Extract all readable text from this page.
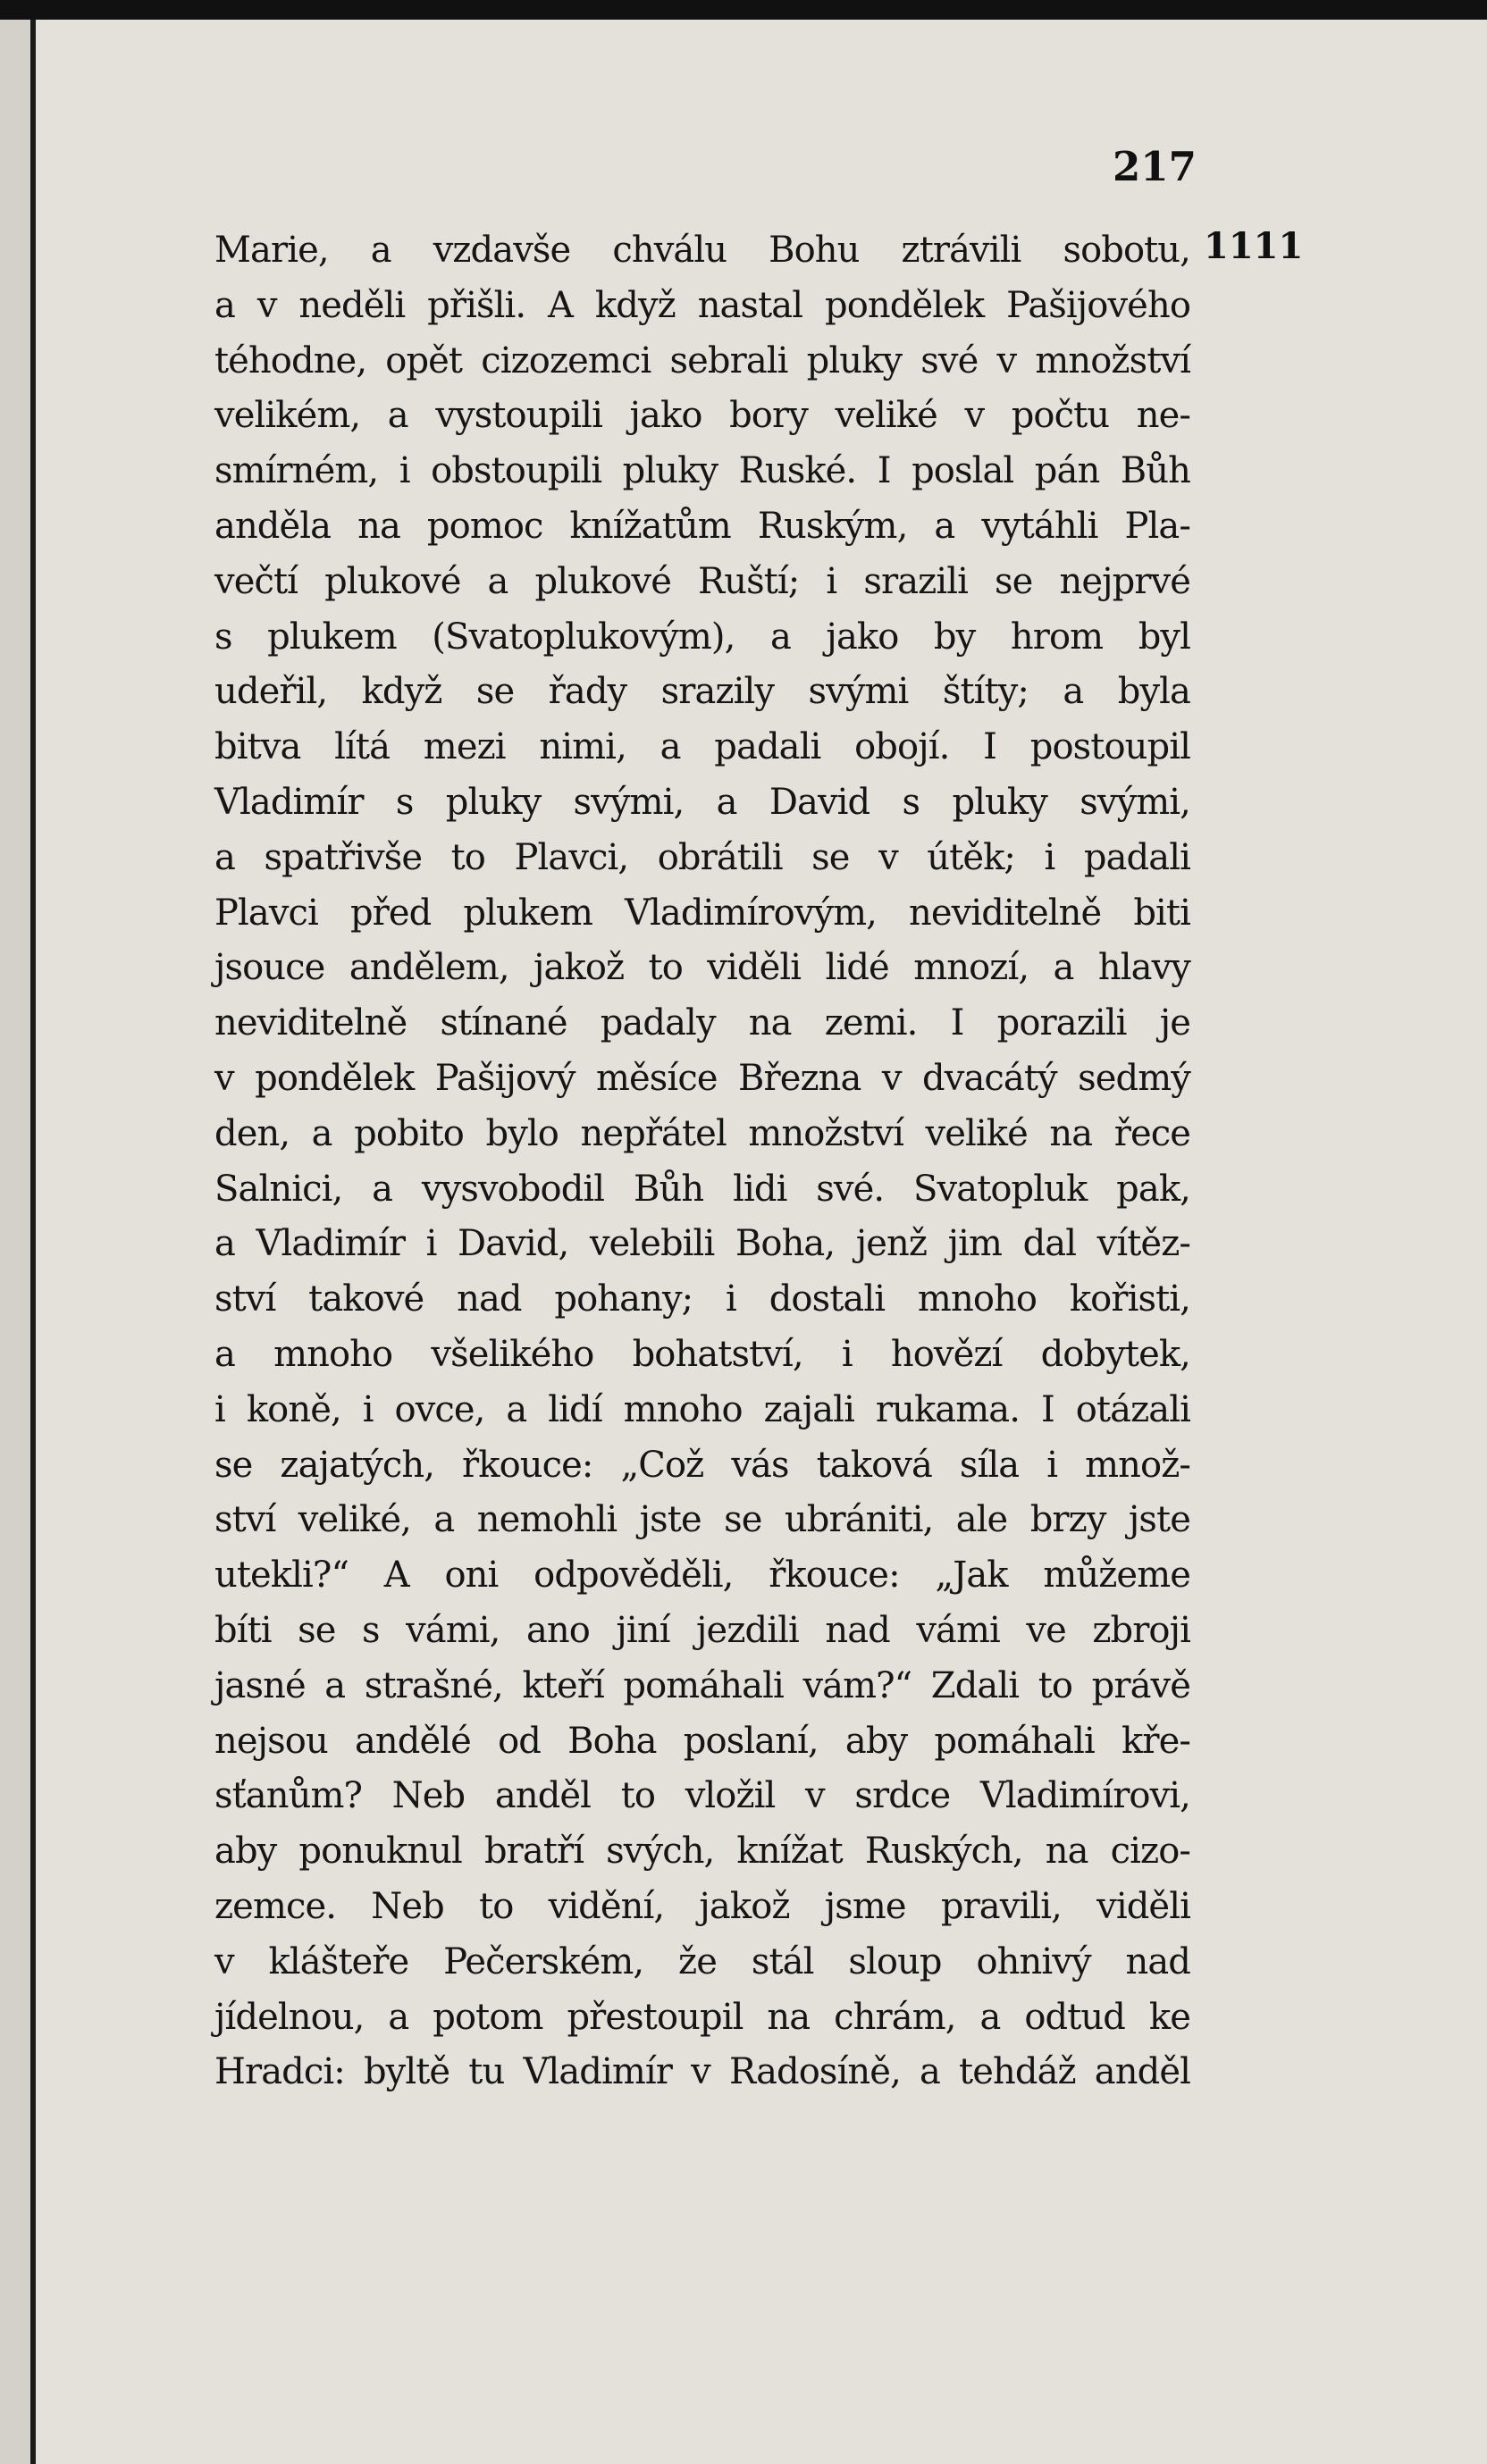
217
1111
Marie, a vzdavše chválu Bohu ztrávili sobotu,
a v neděli přišli. A když nastal pondělek Pašijového
téhodne, opět cizozemci sebrali pluky své v množství
velikém, a vystoupili jako bory veliké v počtu ne-
smírném, i obstoupili pluky Ruské. I poslal pán Bůh
anděla na pomoc knížatům Ruským, a vytáhli Pla-
večtí plukové a plukové Ruští; i srazili se nejprvé
s plukem (Svatoplukovým), a jako by hrom byl
udeřil, když se řady srazily svými štíty; a byla
bitva lítá mezi nimi, a padali obojí. I postoupil
Vladimír s pluky svými, a David s pluky svými,
a spatřivše to Plavci, obrátili se v útěk; i padali
Plavci před plukem Vladimírovým, neviditelně biti
jsouce andělem, jakož to viděli lidé mnozí, a hlavy
neviditelně stínané padaly na zemi. I porazili je
v pondělek Pašijový měsíce Března v dvacátý sedmý
den, a pobito bylo nepřátel množství veliké na řece
Salnici, a vysvobodil Bůh lidi své. Svatopluk pak,
a Vladimír i David, velebili Boha, jenž jim dal vítěz-
ství takové nad pohany; i dostali mnoho kořisti,
a mnoho všelikého bohatství, i hovězí dobytek,
i koně, i ovce, a lidí mnoho zajali rukama. I otázali
se zajatých, řkouce: „Což vás taková síla i množ-
ství veliké, a nemohli jste se ubrániti, ale brzy jste
utekli?“ A oni odpověděli, řkouce: „Jak můžeme
bíti se s vámi, ano jiní jezdili nad vámi ve zbroji
jasné a strašné, kteří pomáhali vám?“ Zdali to právě
nejsou andělé od Boha poslaní, aby pomáhali kře-
sťanům? Neb anděl to vložil v srdce Vladimírovi,
aby ponuknul bratří svých, knížat Ruských, na cizo-
zemce. Neb to vidění, jakož jsme pravili, viděli
v klášteře Pečerském, že stál sloup ohnivý nad
jídelnou, a potom přestoupil na chrám, a odtud ke
Hradci: byltě tu Vladimír v Radosíně, a tehdáž anděl
